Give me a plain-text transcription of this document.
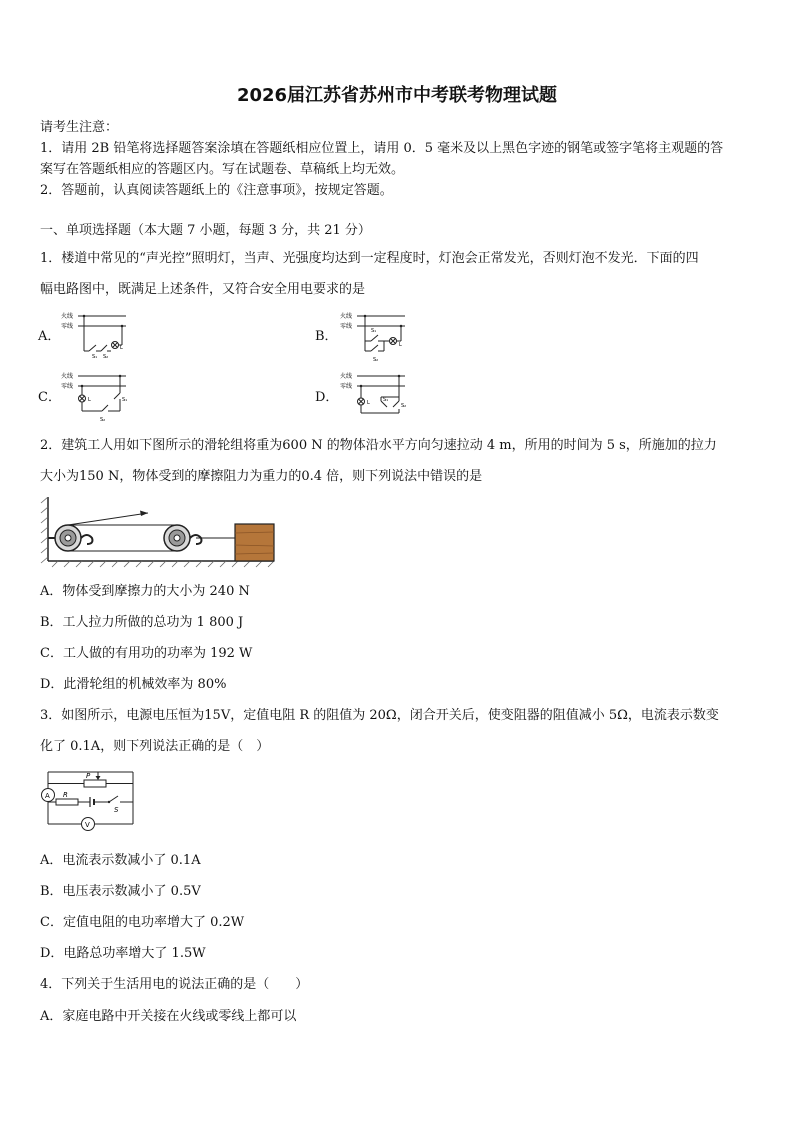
2026届江苏省苏州市中考联考物理试题
请考生注意：
1．请用 2B 铅笔将选择题答案涂填在答题纸相应位置上，请用 0．5 毫米及以上黑色字迹的钢笔或签字笔将主观题的答
案写在答题纸相应的答题区内。写在试题卷、草稿纸上均无效。
2．答题前，认真阅读答题纸上的《注意事项》，按规定答题。
一、单项选择题（本大题 7 小题，每题 3 分，共 21 分）
1．楼道中常见的“声光控”照明灯，当声、光强度均达到一定程度时，灯泡会正常发光，否则灯泡不发光．下面的四
幅电路图中，既满足上述条件，又符合安全用电要求的是
A．	B．
C．	D．
火线
零线
S₁ S₂
L
火线
零线
S₁
S₂
L
火线
零线
L	S₁
S₂
火线
零线
L	S₁
S₂
2．建筑工人用如下图所示的滑轮组将重为600 N 的物体沿水平方向匀速拉动 4 m，所用的时间为 5 s，所施加的拉力
大小为150 N，物体受到的摩擦阻力为重力的0.4 倍，则下列说法中错误的是
A．物体受到摩擦力的大小为 240 N
B．工人拉力所做的总功为 1 800 J
C．工人做的有用功的功率为 192 W
D．此滑轮组的机械效率为 80%
3．如图所示，电源电压恒为15V，定值电阻 R 的阻值为 20Ω，闭合开关后，使变阻器的阻值减小 5Ω，电流表示数变
化了 0.1A，则下列说法正确的是（　）
P
A R
S
V
A．电流表示数减小了 0.1A
B．电压表示数减小了 0.5V
C．定值电阻的电功率增大了 0.2W
D．电路总功率增大了 1.5W
4．下列关于生活用电的说法正确的是（　　）
A．家庭电路中开关接在火线或零线上都可以
